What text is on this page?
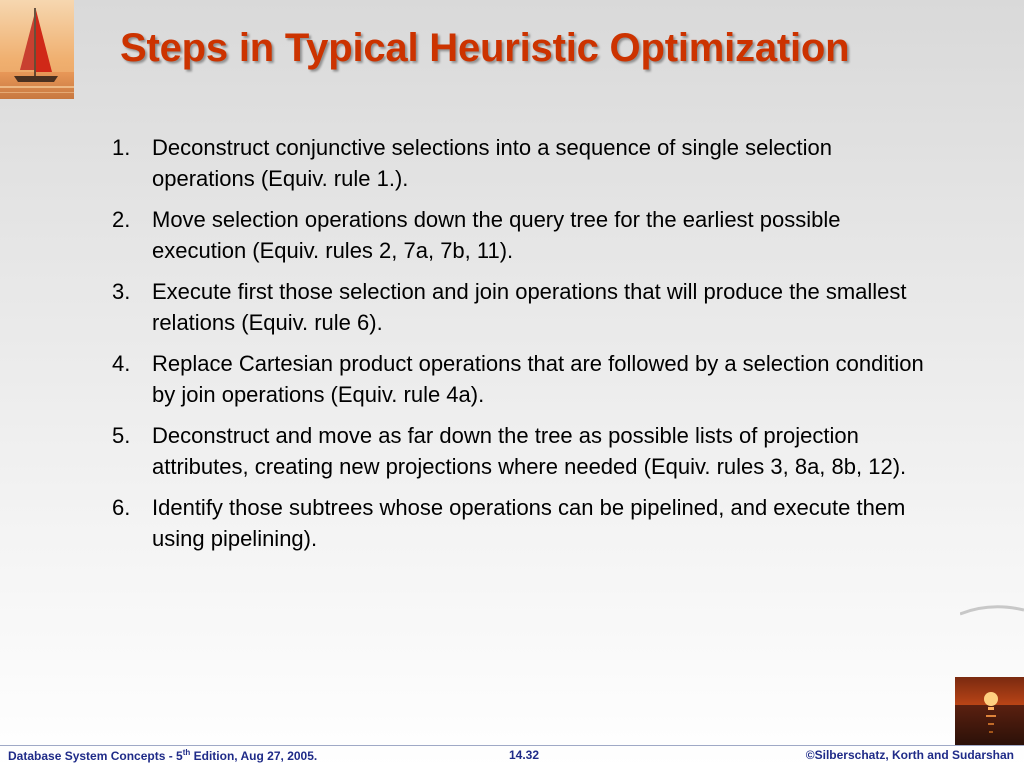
Steps in Typical Heuristic Optimization
1. Deconstruct conjunctive selections into a sequence of single selection operations (Equiv. rule 1.).
2. Move selection operations down the query tree for the earliest possible execution (Equiv. rules 2, 7a, 7b, 11).
3. Execute first those selection and join operations that will produce the smallest relations (Equiv. rule 6).
4. Replace Cartesian product operations that are followed by a selection condition by join operations (Equiv. rule 4a).
5. Deconstruct and move as far down the tree as possible lists of projection attributes, creating new projections where needed (Equiv. rules 3, 8a, 8b, 12).
6. Identify those subtrees whose operations can be pipelined, and execute them using pipelining).
Database System Concepts - 5th Edition, Aug 27, 2005.	14.32	©Silberschatz, Korth and Sudarshan
